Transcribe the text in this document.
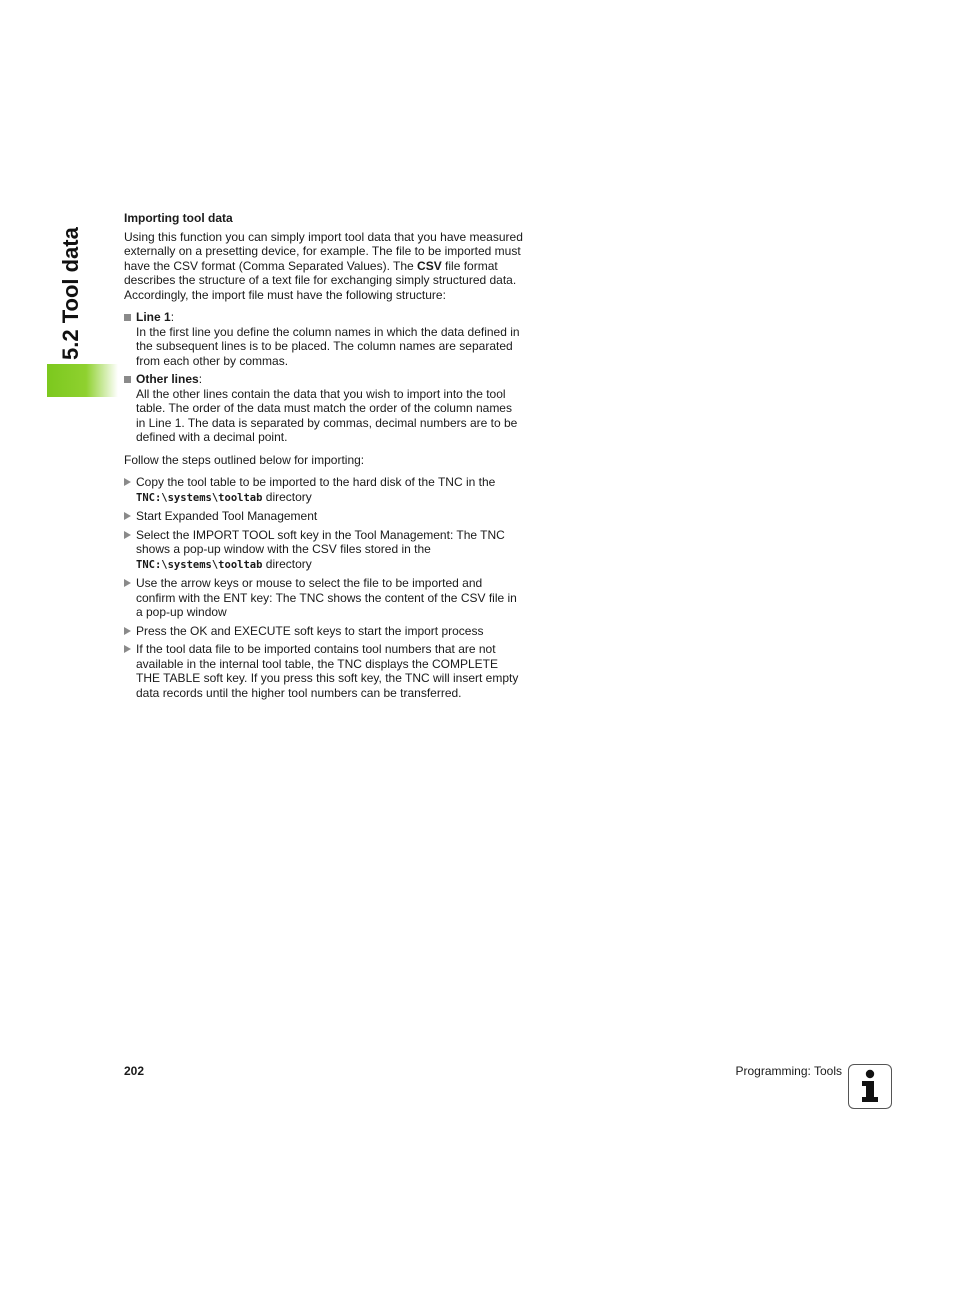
5.2 Tool data

Importing tool data

Using this function you can simply import tool data that you have measured externally on a presetting device, for example. The file to be imported must have the CSV format (Comma Separated Values). The CSV file format describes the structure of a text file for exchanging simply structured data. Accordingly, the import file must have the following structure:

Line 1:
In the first line you define the column names in which the data defined in the subsequent lines is to be placed. The column names are separated from each other by commas.
Other lines:
All the other lines contain the data that you wish to import into the tool table. The order of the data must match the order of the column names in Line 1. The data is separated by commas, decimal numbers are to be defined with a decimal point.

Follow the steps outlined below for importing:

Copy the tool table to be imported to the hard disk of the TNC in the TNC:\systems\tooltab directory
Start Expanded Tool Management
Select the IMPORT TOOL soft key in the Tool Management: The TNC shows a pop-up window with the CSV files stored in the TNC:\systems\tooltab directory
Use the arrow keys or mouse to select the file to be imported and confirm with the ENT key: The TNC shows the content of the CSV file in a pop-up window
Press the OK and EXECUTE soft keys to start the import process
If the tool data file to be imported contains tool numbers that are not available in the internal tool table, the TNC displays the COMPLETE THE TABLE soft key. If you press this soft key, the TNC will insert empty data records until the higher tool numbers can be transferred.
202	Programming: Tools
